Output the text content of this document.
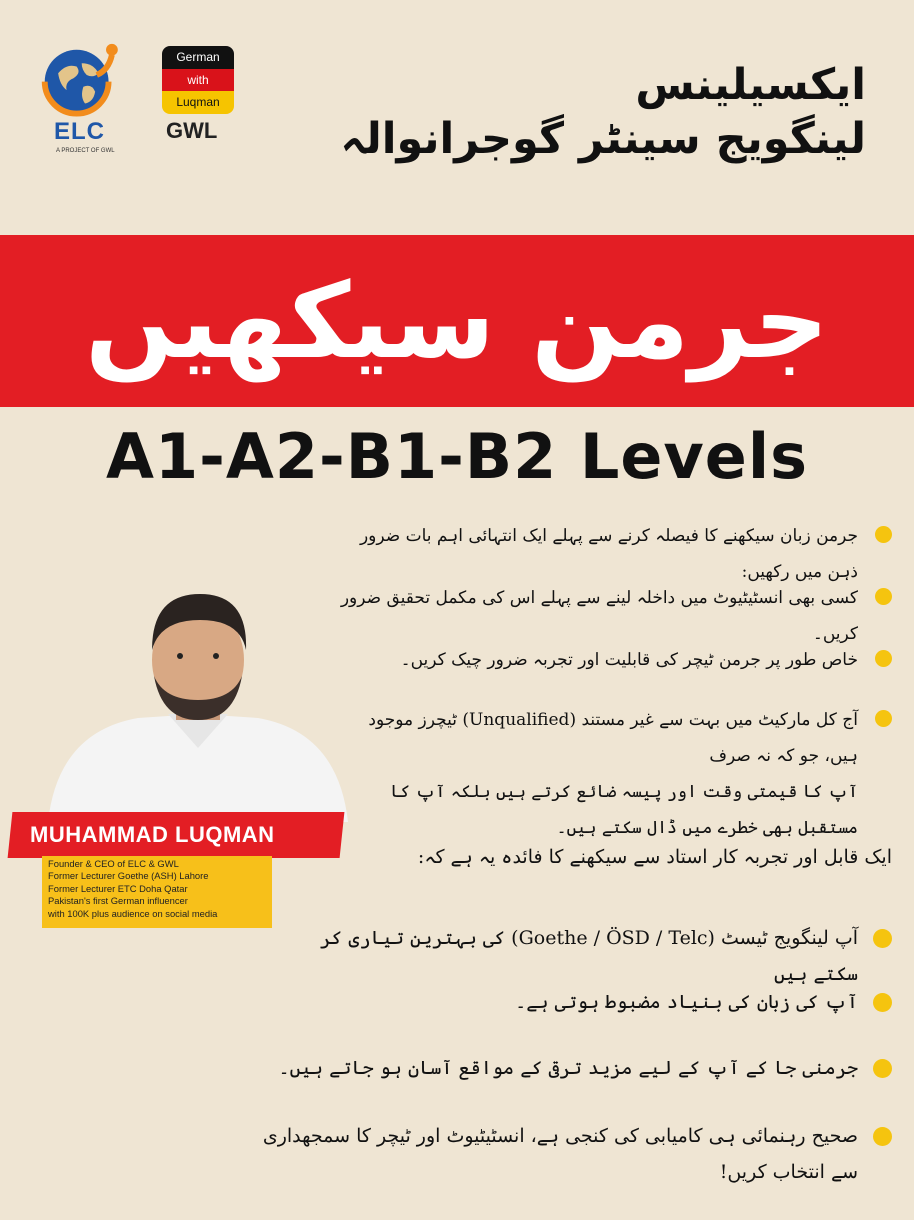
ELC
A PROJECT OF GWL
German
with
Luqman
GWL
ایکسیلینس
لینگویج سینٹر گوجرانوالہ
جرمن سیکھیں
A1-A2-B1-B2 Levels
جرمن زبان سیکھنے کا فیصلہ کرنے سے پہلے ایک انتہائی اہم بات ضرور ذہن میں رکھیں:
کسی بھی انسٹیٹیوٹ میں داخلہ لینے سے پہلے اس کی مکمل تحقیق ضرور کریں۔
خاص طور پر جرمن ٹیچر کی قابلیت اور تجربہ ضرور چیک کریں۔
آج کل مارکیٹ میں بہت سے غیر مستند (Unqualified) ٹیچرز موجود ہیں، جو کہ نہ صرف
آپ کا قیمتی وقت اور پیسہ ضائع کرتے ہیں بلکہ آپ کا مستقبل بھی خطرے میں ڈال سکتے ہیں۔
MUHAMMAD LUQMAN
Founder & CEO of ELC & GWL
Former Lecturer Goethe (ASH) Lahore
Former Lecturer ETC Doha Qatar
Pakistan's first German influencer
with 100K plus audience on social media
ایک قابل اور تجربہ کار استاد سے سیکھنے کا فائدہ یہ ہے کہ:
آپ لینگویج ٹیسٹ (Goethe / ÖSD / Telc) کی بہترین تیاری کر سکتے ہیں
آپ کی زبان کی بنیاد مضبوط ہوتی ہے۔
جرمنی جا کے آپ کے لیے مزید ترقی کے مواقع آسان ہو جاتے ہیں۔
صحیح رہنمائی ہی کامیابی کی کنجی ہے، انسٹیٹیوٹ اور ٹیچر کا سمجھداری سے انتخاب کریں!
